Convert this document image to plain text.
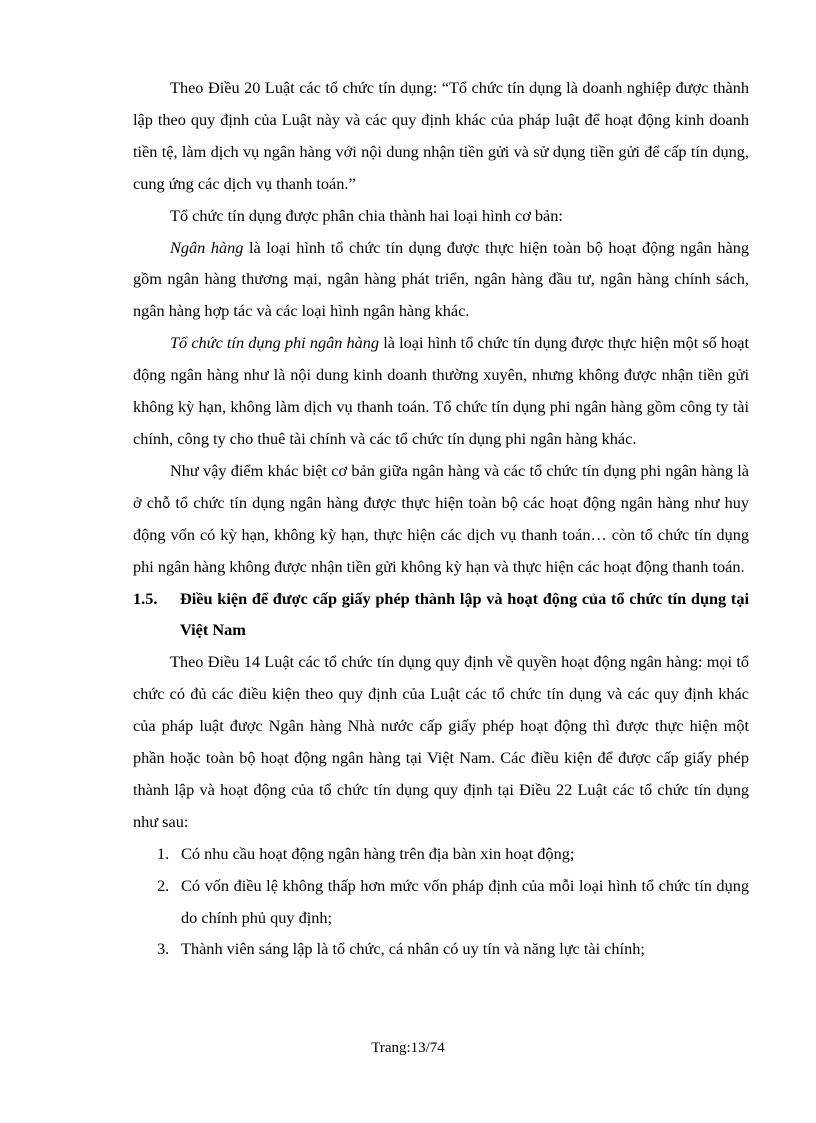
Theo Điều 20 Luật các tổ chức tín dụng: “Tổ chức tín dụng là doanh nghiệp được thành lập theo quy định của Luật này và các quy định khác của pháp luật để hoạt động kinh doanh tiền tệ, làm dịch vụ ngân hàng với nội dung nhận tiền gửi và sử dụng tiền gửi để cấp tín dụng, cung ứng các dịch vụ thanh toán.”

Tổ chức tín dụng được phân chia thành hai loại hình cơ bản:

Ngân hàng là loại hình tổ chức tín dụng được thực hiện toàn bộ hoạt động ngân hàng gồm ngân hàng thương mại, ngân hàng phát triển, ngân hàng đầu tư, ngân hàng chính sách, ngân hàng hợp tác và các loại hình ngân hàng khác.

Tổ chức tín dụng phi ngân hàng là loại hình tổ chức tín dụng được thực hiện một số hoạt động ngân hàng như là nội dung kinh doanh thường xuyên, nhưng không được nhận tiền gửi không kỳ hạn, không làm dịch vụ thanh toán. Tổ chức tín dụng phi ngân hàng gồm công ty tài chính, công ty cho thuê tài chính và các tổ chức tín dụng phi ngân hàng khác.

Như vậy điểm khác biệt cơ bản giữa ngân hàng và các tổ chức tín dụng phi ngân hàng là ở chỗ tổ chức tín dụng ngân hàng được thực hiện toàn bộ các hoạt động ngân hàng như huy động vốn có kỳ hạn, không kỳ hạn, thực hiện các dịch vụ thanh toán… còn tổ chức tín dụng phi ngân hàng không được nhận tiền gửi không kỳ hạn và thực hiện các hoạt động thanh toán.

1.5.	Điều kiện để được cấp giấy phép thành lập và hoạt động của tổ chức tín dụng tại Việt Nam

Theo Điều 14 Luật các tổ chức tín dụng quy định về quyền hoạt động ngân hàng: mọi tổ chức có đủ các điều kiện theo quy định của Luật các tổ chức tín dụng và các quy định khác của pháp luật được Ngân hàng Nhà nước cấp giấy phép hoạt động thì được thực hiện một phần hoặc toàn bộ hoạt động ngân hàng tại Việt Nam. Các điều kiện để được cấp giấy phép thành lập và hoạt động của tổ chức tín dụng quy định tại Điều 22 Luật các tổ chức tín dụng như sau:

1. Có nhu cầu hoạt động ngân hàng trên địa bàn xin hoạt động;
2. Có vốn điều lệ không thấp hơn mức vốn pháp định của mỗi loại hình tổ chức tín dụng do chính phủ quy định;
3. Thành viên sáng lập là tổ chức, cá nhân có uy tín và năng lực tài chính;
Trang:13/74
